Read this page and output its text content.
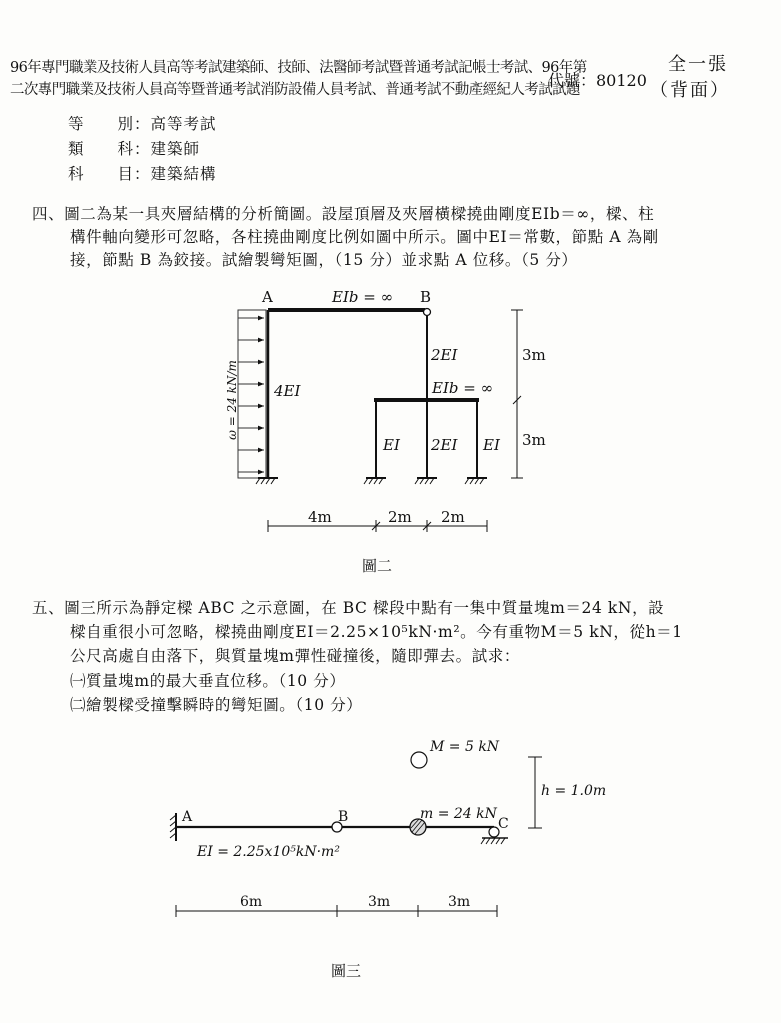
96年專門職業及技術人員高等考試建築師、技師、法醫師考試暨普通考試記帳士考試、96年第
二次專門職業及技術人員高等暨普通考試消防設備人員考試、普通考試不動產經紀人考試試題
代號：80120
全一張
（背面）
等　　別：高等考試
類　　科：建築師
科　　目：建築結構
四、圖二為某一具夾層結構的分析簡圖。設屋頂層及夾層橫樑撓曲剛度EIb＝∞，樑、柱
構件軸向變形可忽略，各柱撓曲剛度比例如圖中所示。圖中EI＝常數，節點 A 為剛
接，節點 B 為鉸接。試繪製彎矩圖，（15 分）並求點 A 位移。（5 分）
ω = 24 kN/m
A	B
EIb = ∞
EIb = ∞
4EI
2EI
EI 2EI EI
3m
3m
4m	2m 2m
圖二
五、圖三所示為靜定樑 ABC 之示意圖，在 BC 樑段中點有一集中質量塊m＝24 kN，設
樑自重很小可忽略，樑撓曲剛度EI＝2.25×10⁵kN·m²。今有重物M＝5 kN，從h＝1
公尺高處自由落下，與質量塊m彈性碰撞後，隨即彈去。試求：
㈠質量塊m的最大垂直位移。（10 分）
㈡繪製樑受撞擊瞬時的彎矩圖。（10 分）
M = 5 kN
h = 1.0m
m = 24 kN
A	B	C
EI = 2.25x10⁵kN·m²
6m	3m	3m
圖三
